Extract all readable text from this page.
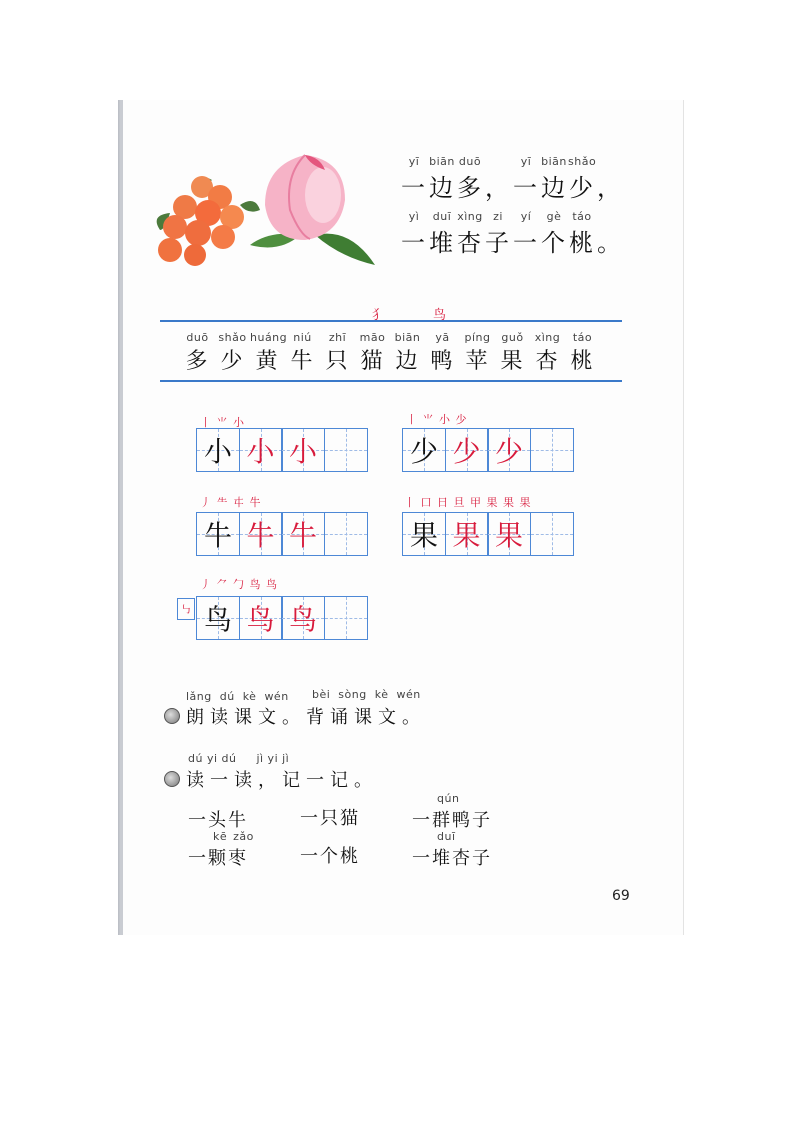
yī biān duō	yī biān shǎo
一 边 多 ， 一 边 少 ，
yì	duī xìng zi	yí	gè táo
一 堆 杏 子 一 个 桃 。
犭	鸟
duō shǎo huáng niú	zhī	māo biān	yā	píng guǒ	xìng	táo
多 少 黄 牛 只 猫 边 鸭 苹 果 杏 桃
丨 ⺌ 小
小 小 小
丨 ⺌ 小 少
少 少 少
丿 ⺧ 㐄 牛
牛 牛 牛
丨 口 日 旦 甲 果 果 果
果 果 果
丿 ⺈ 勹 鸟 鸟
㇉ 鸟 鸟 鸟
lǎng dú kè wén bèi sòng kè wén
朗读课文。背诵课文。
dú yi dú     jì yi jì
读一读，记一记。
qún
一头牛	一只猫	一群鸭子
kē zǎo	duī
一颗枣	一个桃	一堆杏子
69
